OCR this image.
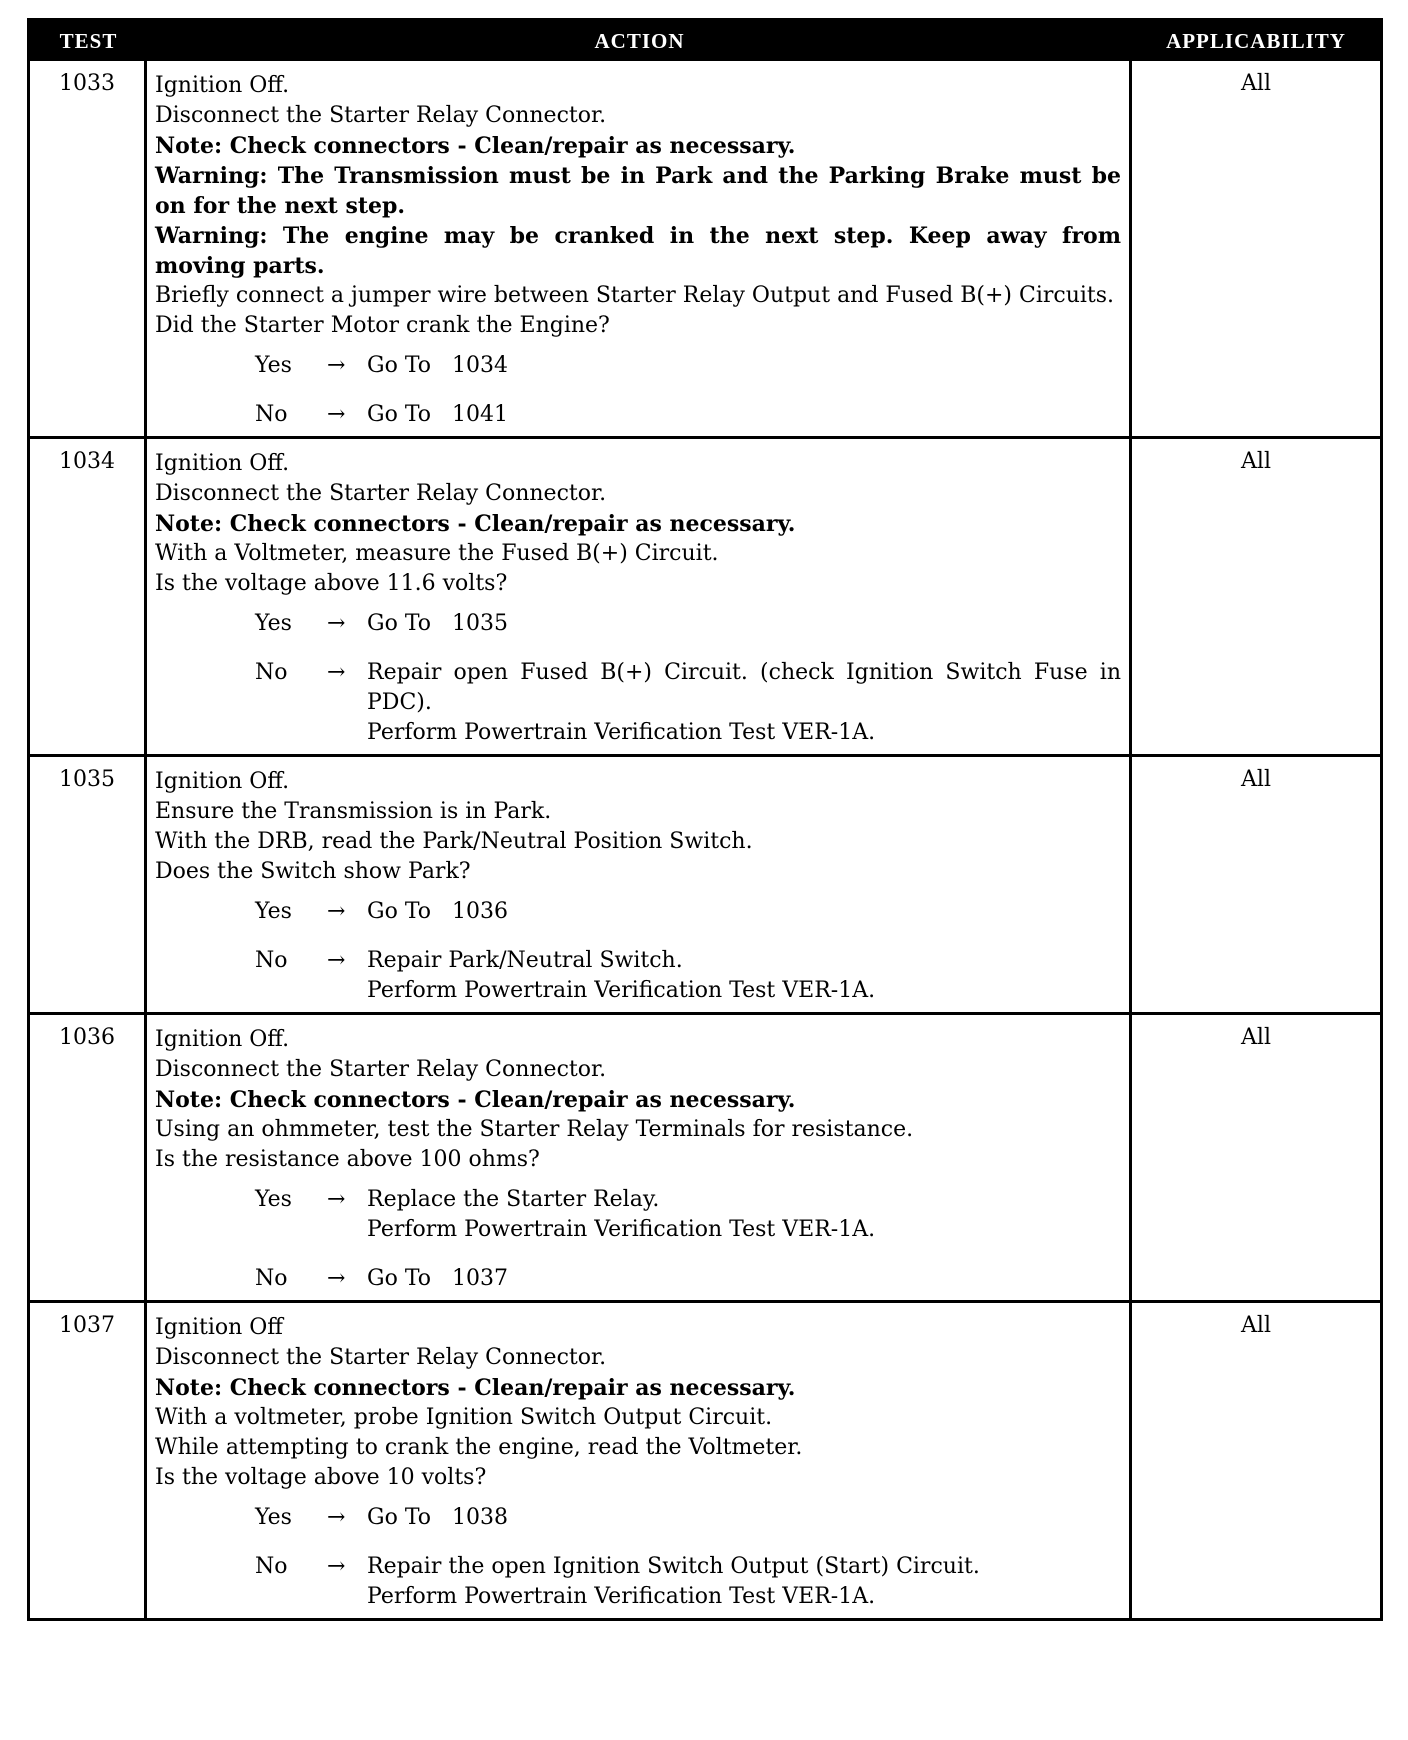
TEST	ACTION	APPLICABILITY
1033	Ignition Off.
Disconnect the Starter Relay Connector.
Note: Check connectors - Clean/repair as necessary.
Warning: The Transmission must be in Park and the Parking Brake must be on for the next step.
Warning: The engine may be cranked in the next step. Keep away from moving parts.
Briefly connect a jumper wire between Starter Relay Output and Fused B(+) Circuits.
Did the Starter Motor crank the Engine?
Yes	→ Go To   1034
No	→ Go To   1041
All
1034	Ignition Off.
Disconnect the Starter Relay Connector.
Note: Check connectors - Clean/repair as necessary.
With a Voltmeter, measure the Fused B(+) Circuit.
Is the voltage above 11.6 volts?
Yes	→ Go To   1035
No	→ Repair open Fused B(+) Circuit. (check Ignition Switch Fuse in PDC).
Perform Powertrain Verification Test VER-1A.
All
1035	Ignition Off.
Ensure the Transmission is in Park.
With the DRB, read the Park/Neutral Position Switch.
Does the Switch show Park?
Yes	→ Go To   1036
No	→ Repair Park/Neutral Switch.
Perform Powertrain Verification Test VER-1A.
All
1036	Ignition Off.
Disconnect the Starter Relay Connector.
Note: Check connectors - Clean/repair as necessary.
Using an ohmmeter, test the Starter Relay Terminals for resistance.
Is the resistance above 100 ohms?
Yes	→ Replace the Starter Relay.
Perform Powertrain Verification Test VER-1A.
No	→ Go To   1037
All
1037	Ignition Off
Disconnect the Starter Relay Connector.
Note: Check connectors - Clean/repair as necessary.
With a voltmeter, probe Ignition Switch Output Circuit.
While attempting to crank the engine, read the Voltmeter.
Is the voltage above 10 volts?
Yes	→ Go To   1038
No	→ Repair the open Ignition Switch Output (Start) Circuit.
Perform Powertrain Verification Test VER-1A.
All
